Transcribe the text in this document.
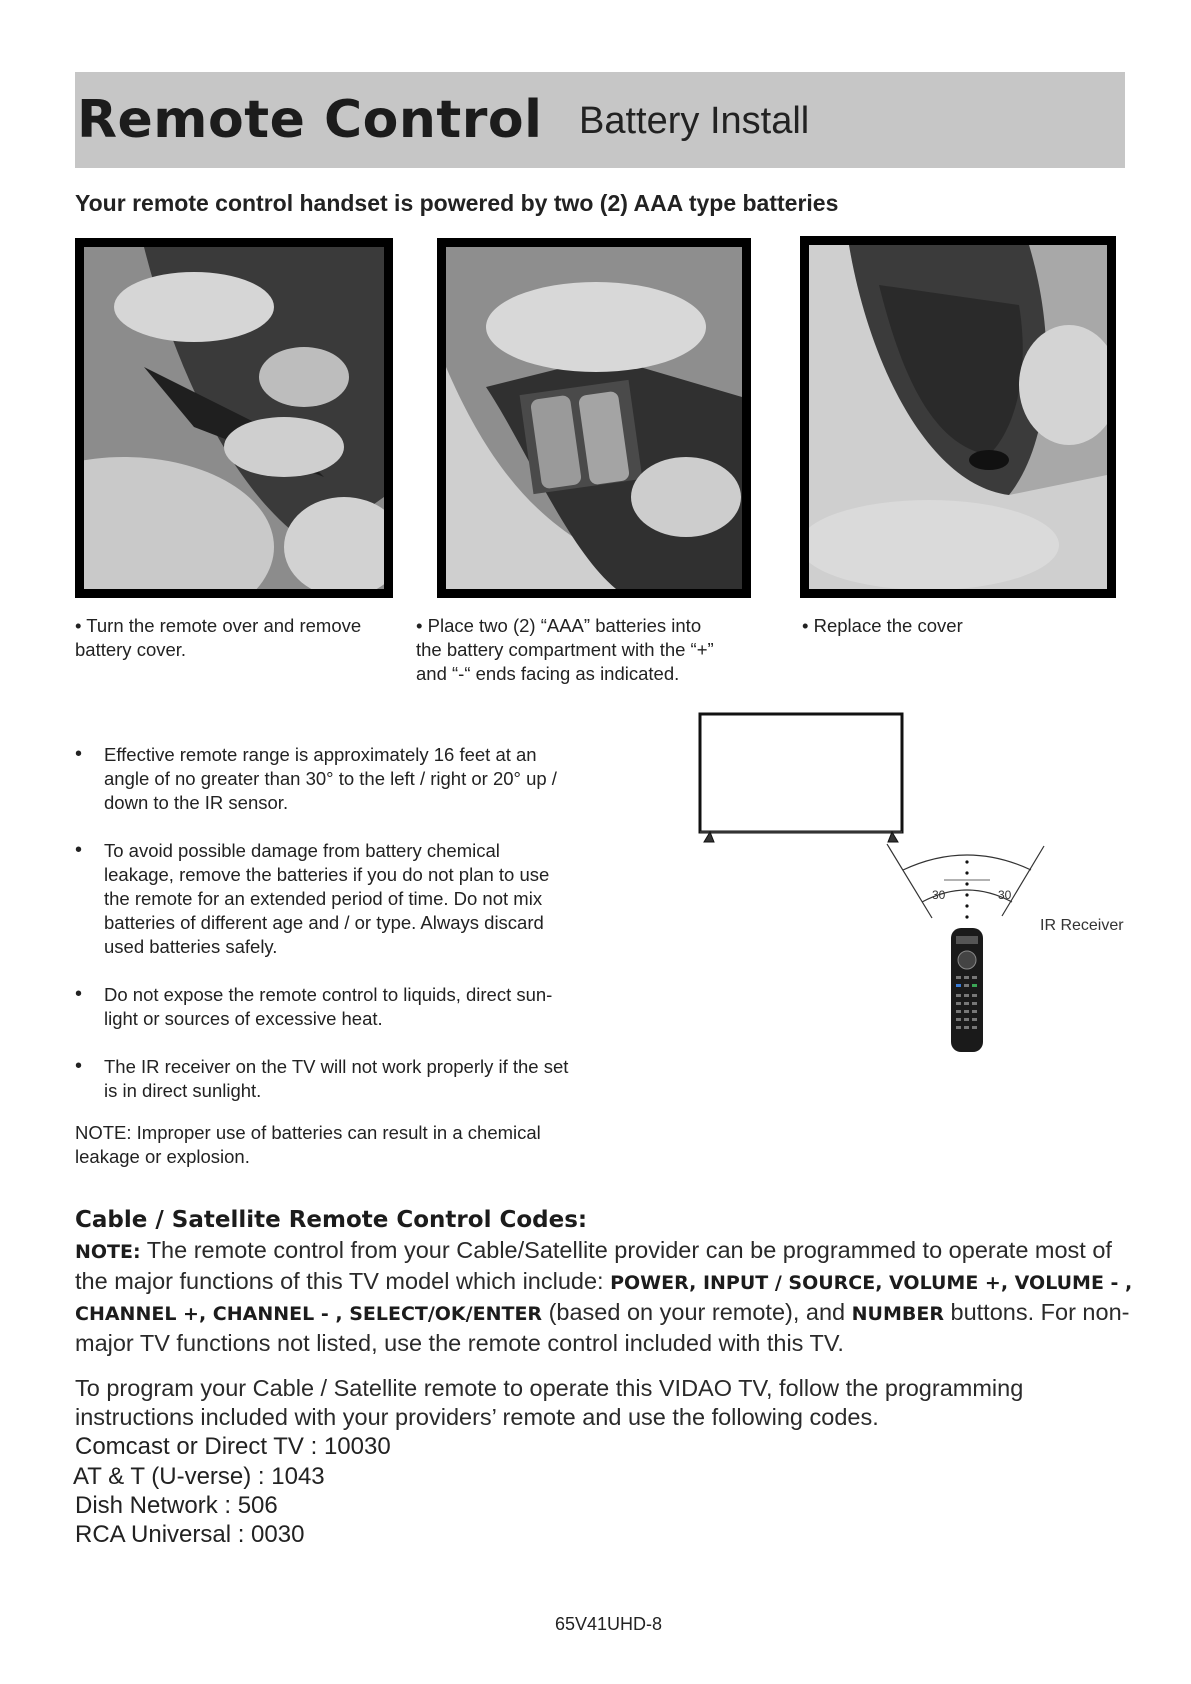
Remote Control Battery Install
Your remote control handset is powered by two (2) AAA type batteries
• Turn the remote over and remove
battery cover.
• Place two (2) “AAA” batteries into
the battery compartment with the “+”
and “-“ ends facing as indicated.
• Replace the cover
• Effective remote range is approximately 16 feet at an
angle of no greater than 30° to the left / right or 20° up /
down to the IR sensor.
• To avoid possible damage from battery chemical
leakage, remove the batteries if you do not plan to use
the remote for an extended period of time. Do not mix
batteries of different age and / or type. Always discard
used batteries safely.
• Do not expose the remote control to liquids, direct sun-
light or sources of excessive heat.
• The IR receiver on the TV will not work properly if the set
is in direct sunlight.
NOTE: Improper use of batteries can result in a chemical
leakage or explosion.
30	30
IR Receiver
Cable / Satellite Remote Control Codes:
NOTE: The remote control from your Cable/Satellite provider can be programmed to operate most of the major functions of this TV model which include: POWER, INPUT / SOURCE, VOLUME +, VOLUME - , CHANNEL +, CHANNEL - , SELECT/OK/ENTER (based on your remote), and NUMBER buttons. For non-major TV functions not listed, use the remote control included with this TV.
To program your Cable / Satellite remote to operate this VIDAO TV, follow the programming instructions included with your providers’ remote and use the following codes.
Comcast or Direct TV : 10030
AT & T (U-verse) : 1043
Dish Network : 506
RCA Universal : 0030
65V41UHD-8
